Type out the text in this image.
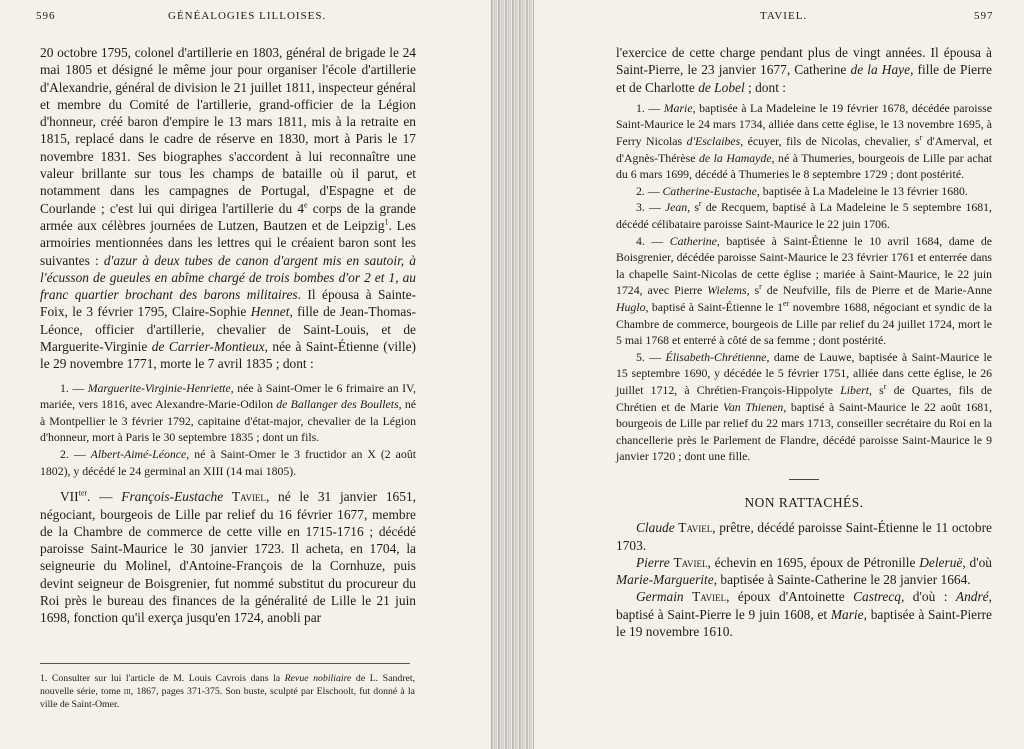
596	GÉNÉALOGIES LILLOISES.

20 octobre 1795, colonel d'artillerie en 1803, général de brigade le 24 mai 1805 et désigné le même jour pour organiser l'école d'artillerie d'Alexandrie, général de division le 21 juillet 1811, inspecteur général et membre du Comité de l'artillerie, grand-officier de la Légion d'honneur, créé baron d'empire le 13 mars 1811, mis à la retraite en 1815, replacé dans le cadre de réserve en 1830, mort à Paris le 17 novembre 1831. Ses biographes s'accordent à lui reconnaître une valeur brillante sur tous les champs de bataille où il parut, et notamment dans les campagnes de Portugal, d'Espagne et de Courlande ; c'est lui qui dirigea l'artillerie du 4e corps de la grande armée aux célèbres journées de Lutzen, Bautzen et de Leipzig$^1$. Les armoiries mentionnées dans les lettres qui le créaient baron sont les suivantes : d'azur à deux tubes de canon d'argent mis en sautoir, à l'écusson de gueules en abîme chargé de trois bombes d'or 2 et 1, au franc quartier brochant des barons militaires. Il épousa à Sainte-Foix, le 3 février 1795, Claire-Sophie Hennet, fille de Jean-Thomas-Léonce, officier d'artillerie, chevalier de Saint-Louis, et de Marguerite-Virginie de Carrier-Montieux, née à Saint-Étienne (ville) le 29 novembre 1771, morte le 7 avril 1835 ; dont :

1. — Marguerite-Virginie-Henriette, née à Saint-Omer le 6 frimaire an IV, mariée, vers 1816, avec Alexandre-Marie-Odilon de Ballanger des Boullets, né à Montpellier le 3 février 1792, capitaine d'état-major, chevalier de la Légion d'honneur, mort à Paris le 30 septembre 1835 ; dont un fils.

2. — Albert-Aimé-Léonce, né à Saint-Omer le 3 fructidor an X (2 août 1802), y décédé le 24 germinal an XIII (14 mai 1805).

$VII^{ter}$. — François-Eustache Taviel, né le 31 janvier 1651, négociant, bourgeois de Lille par relief du 16 février 1677, membre de la Chambre de commerce de cette ville en 1715-1716 ; décédé paroisse Saint-Maurice le 30 janvier 1723. Il acheta, en 1704, la seigneurie du Molinel, d'Antoine-François de la Cornhuze, puis devint seigneur de Boisgrenier, fut nommé substitut du procureur du Roi près le bureau des finances de la généralité de Lille le 21 juin 1698, fonction qu'il exerça jusqu'en 1724, anobli par

1. Consulter sur lui l'article de M. Louis Cavrois dans la Revue nobiliaire de L. Sandret, nouvelle série, tome iii, 1867, pages 371-375. Son buste, sculpté par Elschoolt, fut donné à la ville de Saint-Omer.
TAVIEL.	597

l'exercice de cette charge pendant plus de vingt années. Il épousa à Saint-Pierre, le 23 janvier 1677, Catherine de la Haye, fille de Pierre et de Charlotte de Lobel ; dont :

1. — Marie, baptisée à La Madeleine le 19 février 1678, décédée paroisse Saint-Maurice le 24 mars 1734, alliée dans cette église, le 13 novembre 1695, à Ferry Nicolas d'Esclaibes, écuyer, fils de Nicolas, chevalier, $s^r$ d'Amerval, et d'Agnès-Thérèse de la Hamayde, né à Thumeries, bourgeois de Lille par achat du 6 mars 1699, décédé à Thumeries le 8 septembre 1729 ; dont postérité.

2. — Catherine-Eustache, baptisée à La Madeleine le 13 février 1680.

3. — Jean, $s^r$ de Recquem, baptisé à La Madeleine le 5 septembre 1681, décédé célibataire paroisse Saint-Maurice le 22 juin 1706.

4. — Catherine, baptisée à Saint-Étienne le 10 avril 1684, dame de Boisgrenier, décédée paroisse Saint-Maurice le 23 février 1761 et enterrée dans la chapelle Saint-Nicolas de cette église ; mariée à Saint-Maurice, le 22 juin 1724, avec Pierre Wielems, $s^r$ de Neufville, fils de Pierre et de Marie-Anne Huglo, baptisé à Saint-Étienne le 1er novembre 1688, négociant et syndic de la Chambre de commerce, bourgeois de Lille par relief du 24 juillet 1724, mort le 5 mai 1768 et enterré à côté de sa femme ; dont postérité.

5. — Élisabeth-Chrétienne, dame de Lauwe, baptisée à Saint-Maurice le 15 septembre 1690, y décédée le 5 février 1751, alliée dans cette église, le 26 juillet 1712, à Chrétien-François-Hippolyte Libert, $s^r$ de Quartes, fils de Chrétien et de Marie Van Thienen, baptisé à Saint-Maurice le 22 août 1681, bourgeois de Lille par relief du 22 mars 1713, conseiller secrétaire du Roi en la chancellerie près le Parlement de Flandre, décédé paroisse Saint-Maurice le 9 janvier 1720 ; dont une fille.

NON RATTACHÉS.

Claude Taviel, prêtre, décédé paroisse Saint-Étienne le 11 octobre 1703.

Pierre Taviel, échevin en 1695, époux de Pétronille Deleruë, d'où Marie-Marguerite, baptisée à Sainte-Catherine le 28 janvier 1664.

Germain Taviel, époux d'Antoinette Castrecq, d'où : André, baptisé à Saint-Pierre le 9 juin 1608, et Marie, baptisée à Saint-Pierre le 19 novembre 1610.
